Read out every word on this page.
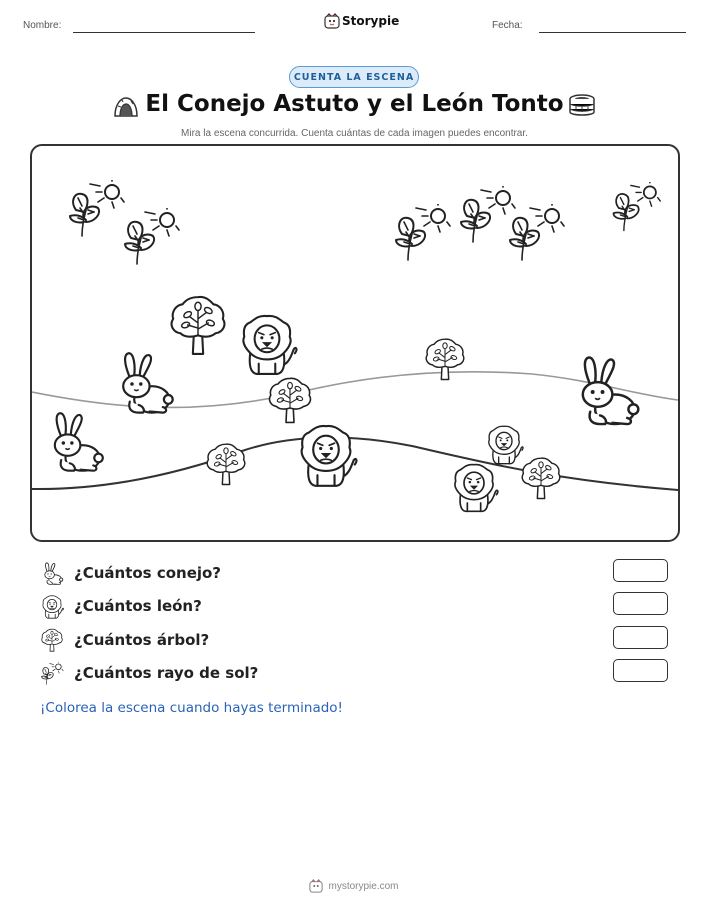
Nombre:	Storypie	Fecha:
CUENTA LA ESCENA
El Conejo Astuto y el León Tonto
Mira la escena concurrida. Cuenta cuántas de cada imagen puedes encontrar.
¿Cuántos conejo?
¿Cuántos león?
¿Cuántos árbol?
¿Cuántos rayo de sol?
¡Colorea la escena cuando hayas terminado!
mystorypie.com
